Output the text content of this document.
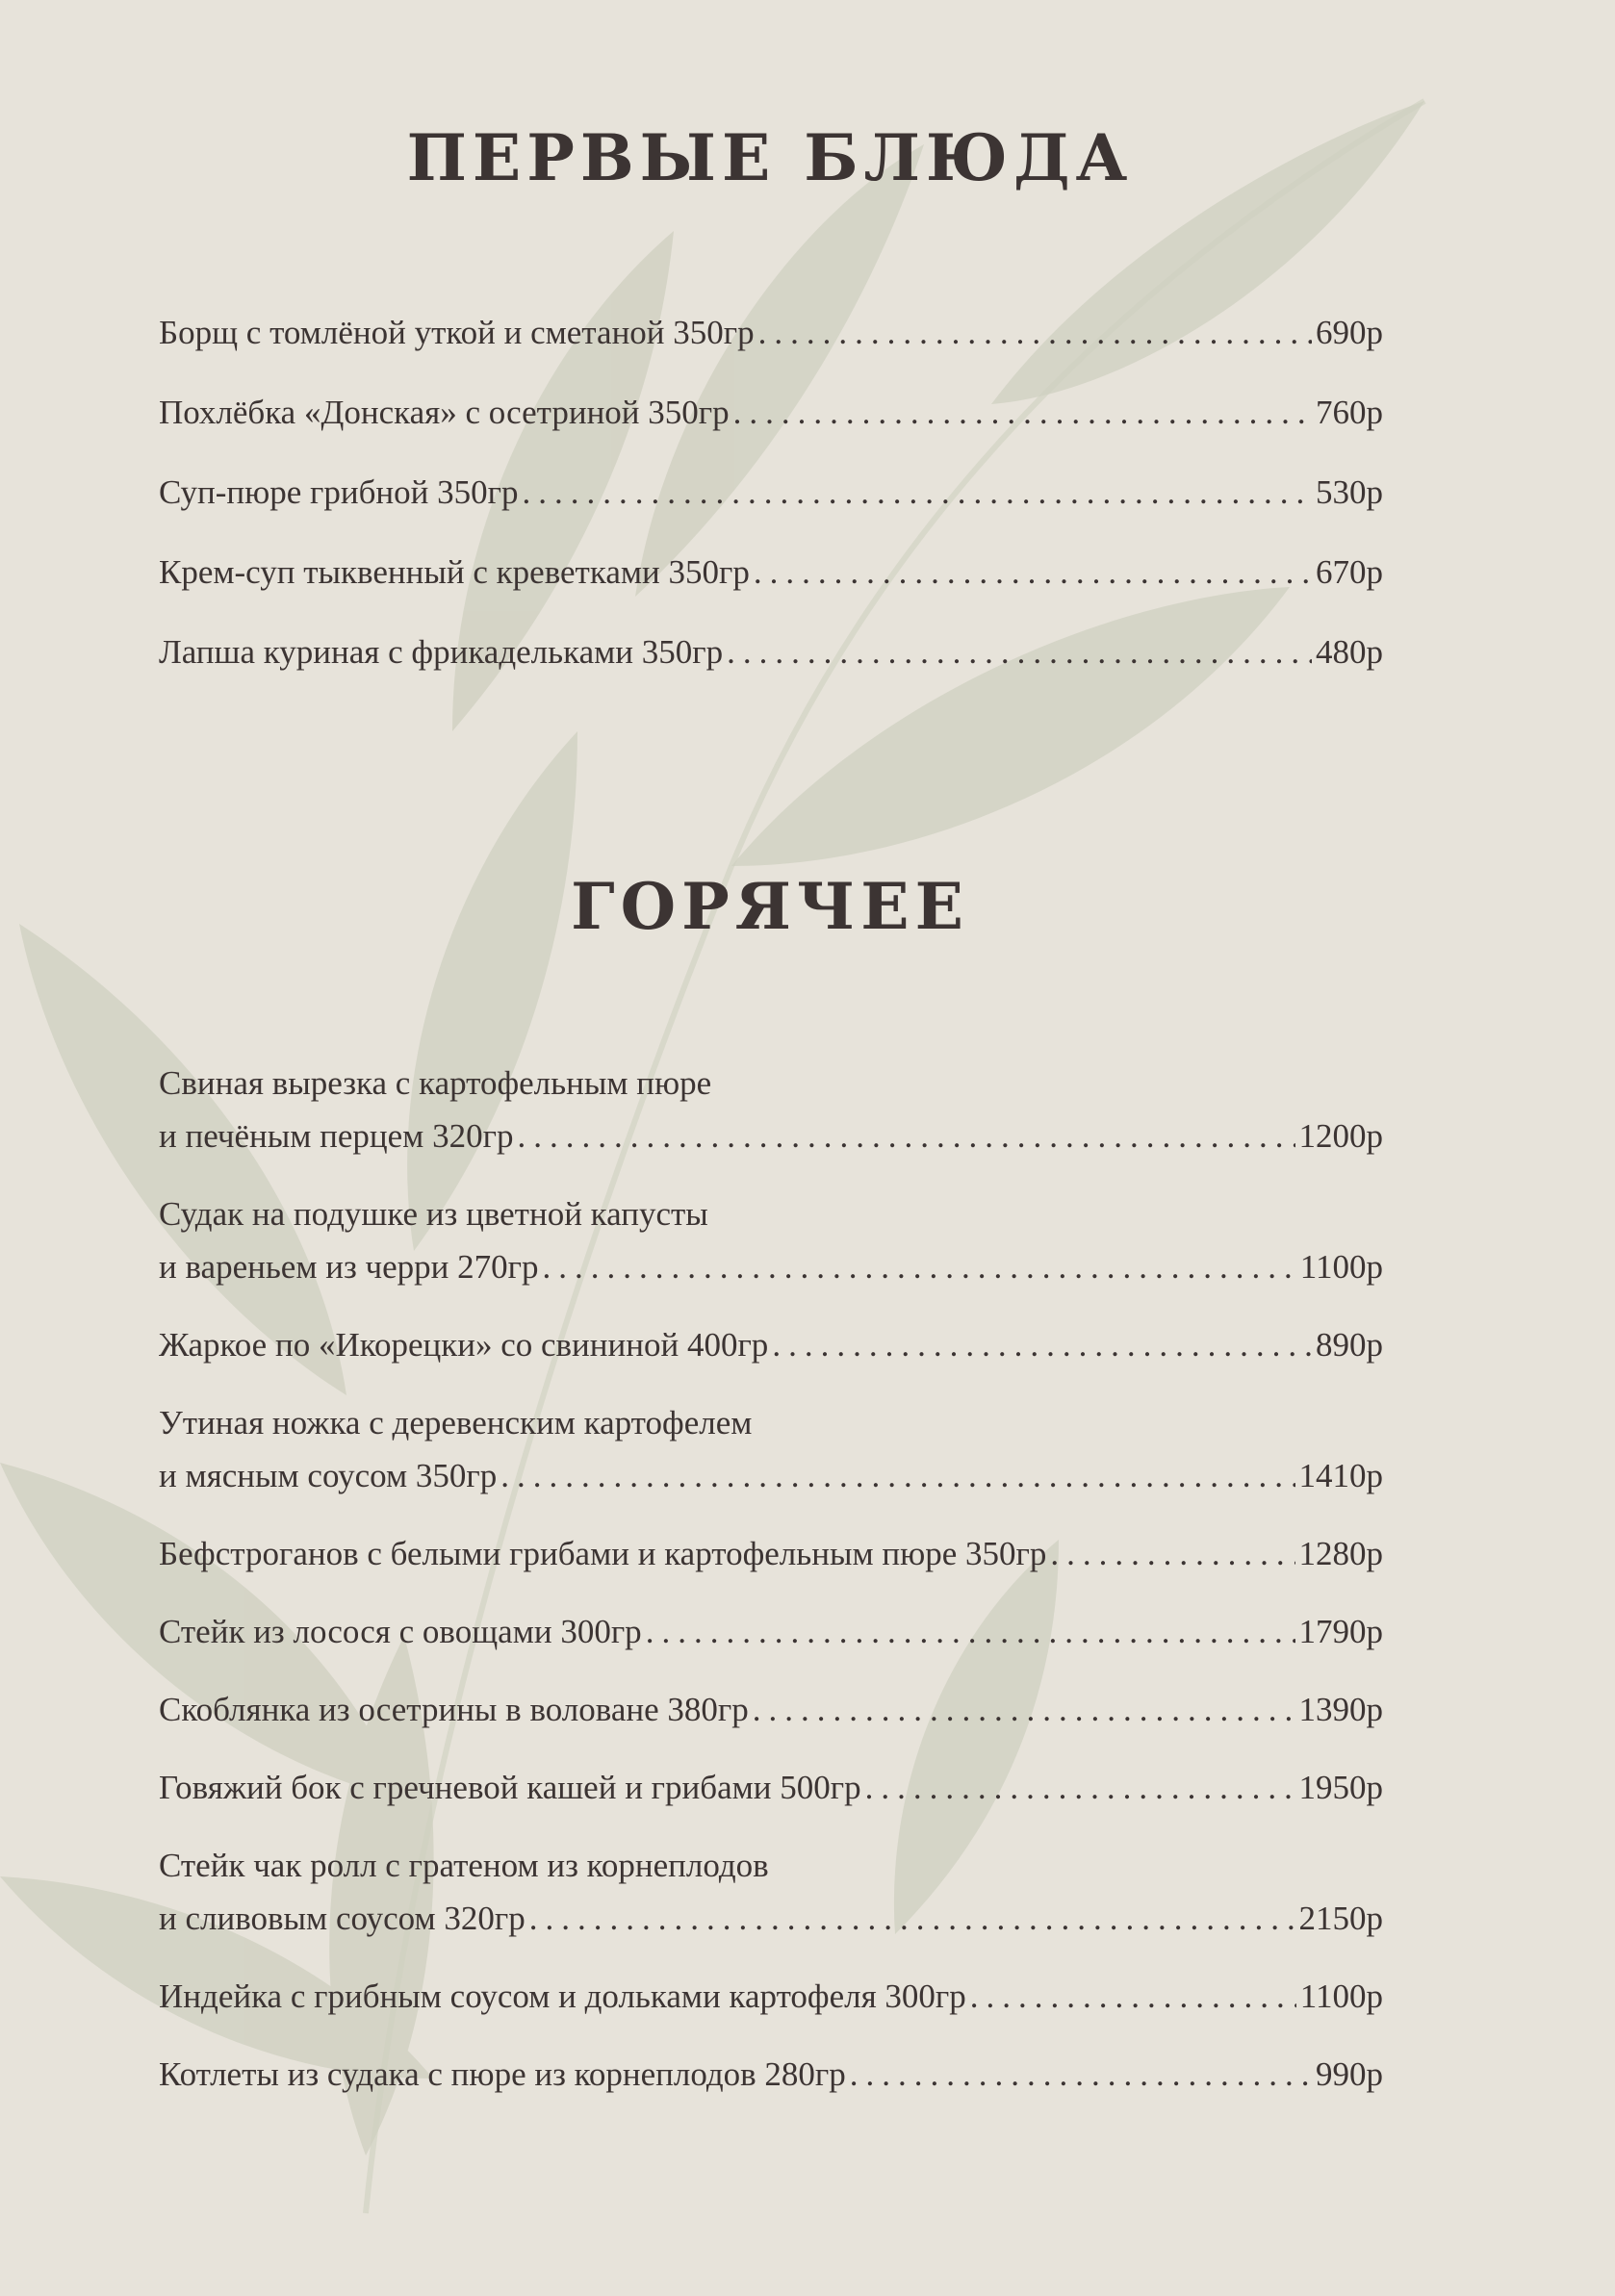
ПЕРВЫЕ БЛЮДА
Борщ с томлёной уткой и сметаной 350гр .....	690р
Похлёбка «Донская» с осетриной 350гр .....	760р
Суп-пюре грибной 350гр .....	530р
Крем-суп тыквенный с креветками 350гр .....	670р
Лапша куриная с фрикадельками 350гр .....	480р
ГОРЯЧЕЕ
Свиная вырезка с картофельным пюре
и печёным перцем 320гр .....	1200р
Судак на подушке из цветной капусты
и вареньем из черри 270гр .....	1100р
Жаркое по «Икорецки» со свининой 400гр .....	890р
Утиная ножка с деревенским картофелем
и мясным соусом 350гр .....	1410р
Бефстроганов с белыми грибами и картофельным пюре 350гр .....	1280р
Стейк из лосося с овощами 300гр .....	1790р
Скоблянка из осетрины в воловане 380гр .....	1390р
Говяжий бок с гречневой кашей и грибами 500гр .....	1950р
Стейк чак ролл с гратеном из корнеплодов
и сливовым соусом 320гр .....	2150р
Индейка с грибным соусом и дольками картофеля 300гр .....	1100р
Котлеты из судака с пюре из корнеплодов 280гр .....	990р
